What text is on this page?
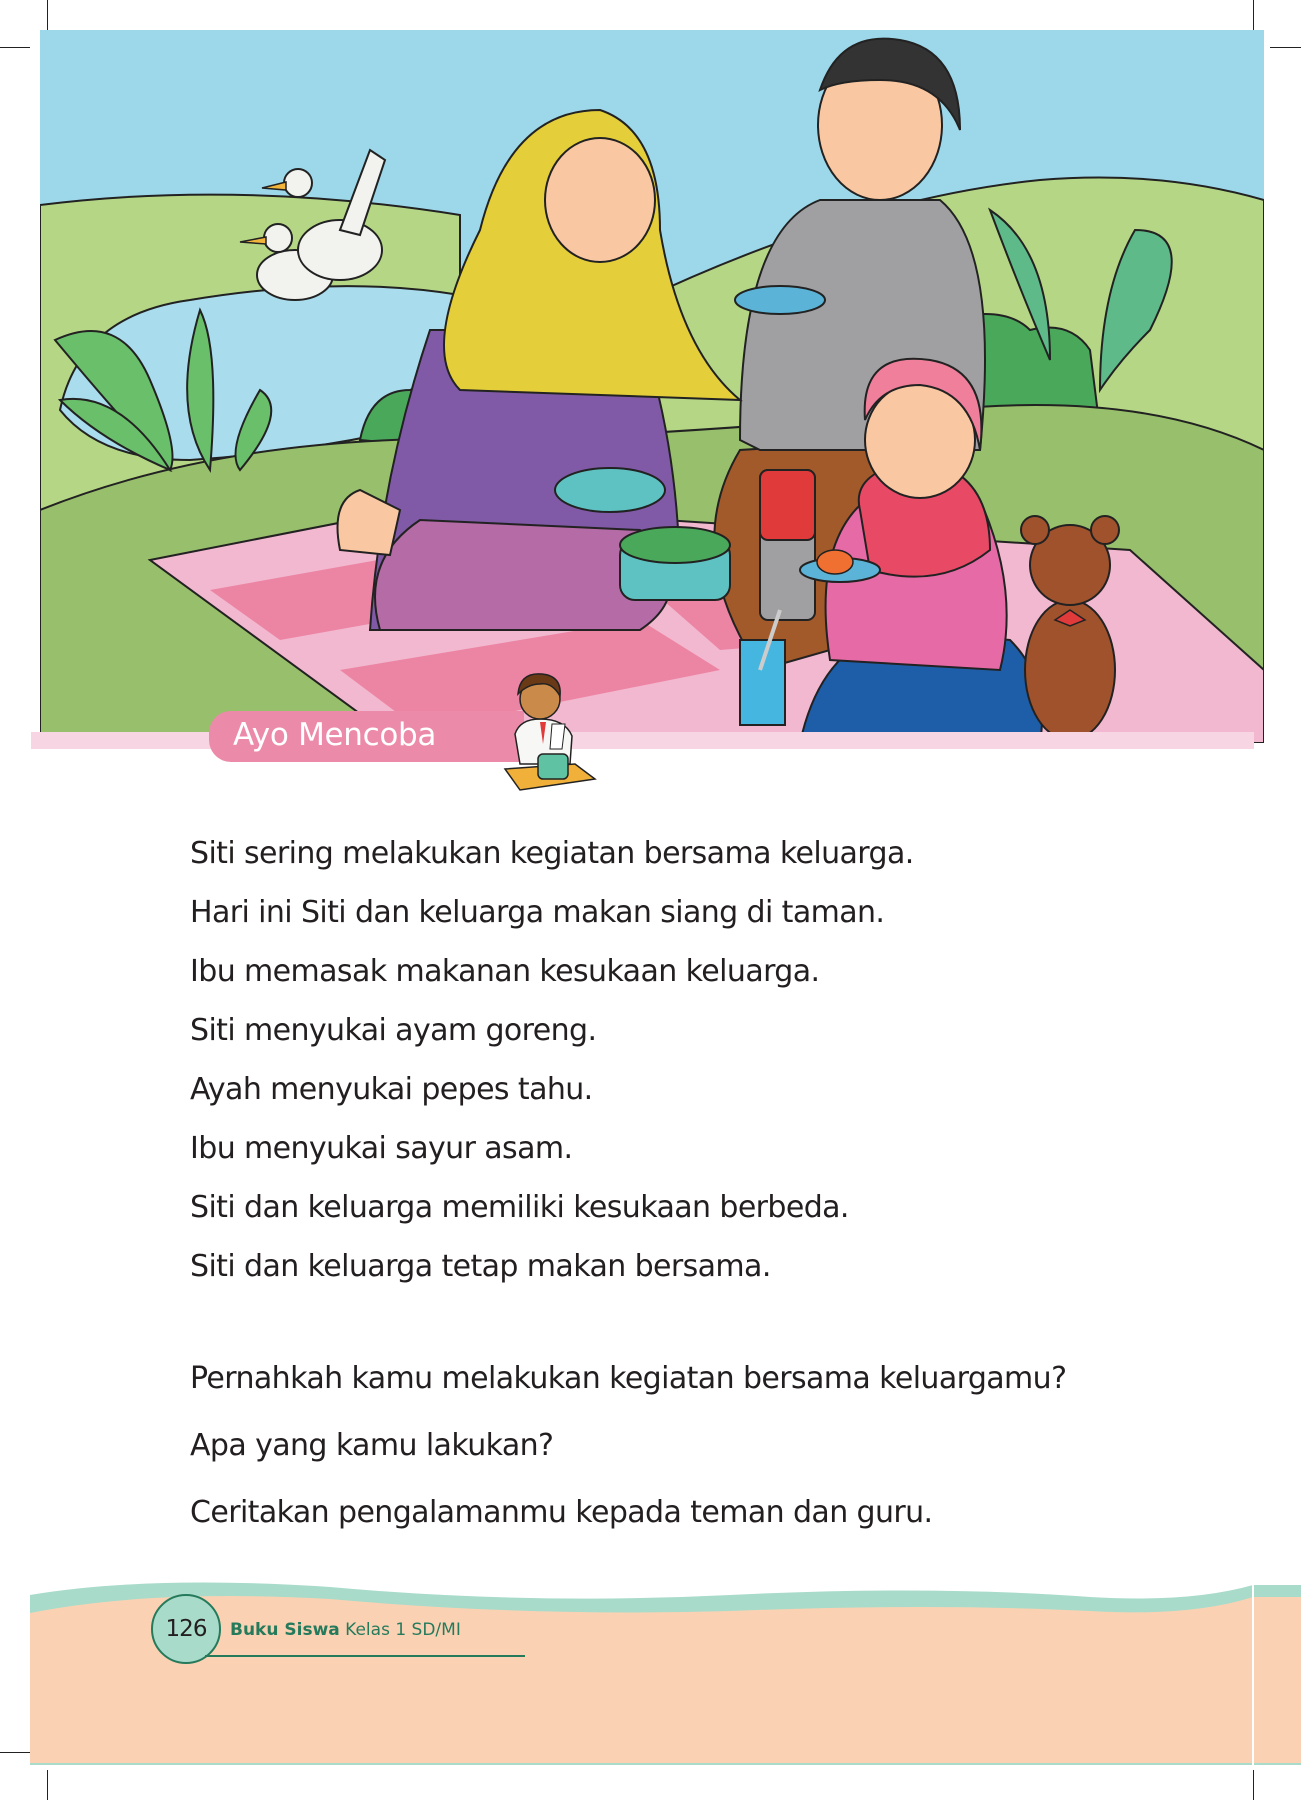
Ayo Mencoba

Siti sering melakukan kegiatan bersama keluarga.

Hari ini Siti dan keluarga makan siang di taman.

Ibu memasak makanan kesukaan keluarga.

Siti menyukai ayam goreng.

Ayah menyukai pepes tahu.

Ibu menyukai sayur asam.

Siti dan keluarga memiliki kesukaan berbeda.

Siti dan keluarga tetap makan bersama.

Pernahkah kamu melakukan kegiatan bersama keluargamu?

Apa yang kamu lakukan?

Ceritakan pengalamanmu kepada teman dan guru.

126 Buku Siswa Kelas 1 SD/MI
